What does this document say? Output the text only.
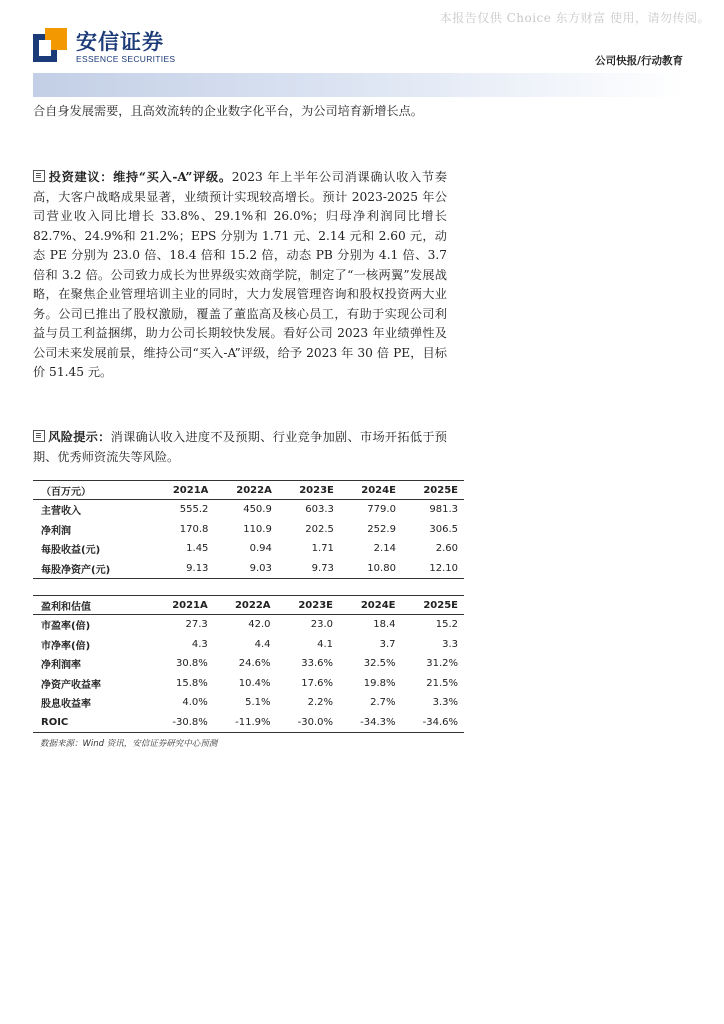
本报告仅供 Choice 东方财富 使用，请勿传阅。
安信证券
ESSENCE SECURITIES	公司快报/行动教育
合自身发展需要，且高效流转的企业数字化平台，为公司培育新增长点。
投资建议：维持“买入-A”评级。2023 年上半年公司消课确认收入节奏高，大客户战略成果显著，业绩预计实现较高增长。预计 2023-2025 年公司营业收入同比增长 33.8%、29.1%和 26.0%；归母净利润同比增长 82.7%、24.9%和 21.2%；EPS 分别为 1.71 元、2.14 元和 2.60 元，动态 PE 分别为 23.0 倍、18.4 倍和 15.2 倍，动态 PB 分别为 4.1 倍、3.7 倍和 3.2 倍。公司致力成长为世界级实效商学院，制定了“一核两翼”发展战略，在聚焦企业管理培训主业的同时，大力发展管理咨询和股权投资两大业务。公司已推出了股权激励，覆盖了董监高及核心员工，有助于实现公司利益与员工利益捆绑，助力公司长期较快发展。看好公司 2023 年业绩弹性及公司未来发展前景，维持公司“买入-A”评级，给予 2023 年 30 倍 PE，目标价 51.45 元。
风险提示：消课确认收入进度不及预期、行业竞争加剧、市场开拓低于预期、优秀师资流失等风险。
（百万元）	2021A	2022A	2023E	2024E	2025E
主营收入	555.2	450.9	603.3	779.0	981.3
净利润	170.8	110.9	202.5	252.9	306.5
每股收益(元)	1.45	0.94	1.71	2.14	2.60
每股净资产(元)	9.13	9.03	9.73	10.80	12.10
盈利和估值	2021A	2022A	2023E	2024E	2025E
市盈率(倍)	27.3	42.0	23.0	18.4	15.2
市净率(倍)	4.3	4.4	4.1	3.7	3.3
净利润率	30.8%	24.6%	33.6%	32.5%	31.2%
净资产收益率	15.8%	10.4%	17.6%	19.8%	21.5%
股息收益率	4.0%	5.1%	2.2%	2.7%	3.3%
ROIC	-30.8%	-11.9%	-30.0%	-34.3%	-34.6%
数据来源：Wind 资讯，安信证券研究中心预测
